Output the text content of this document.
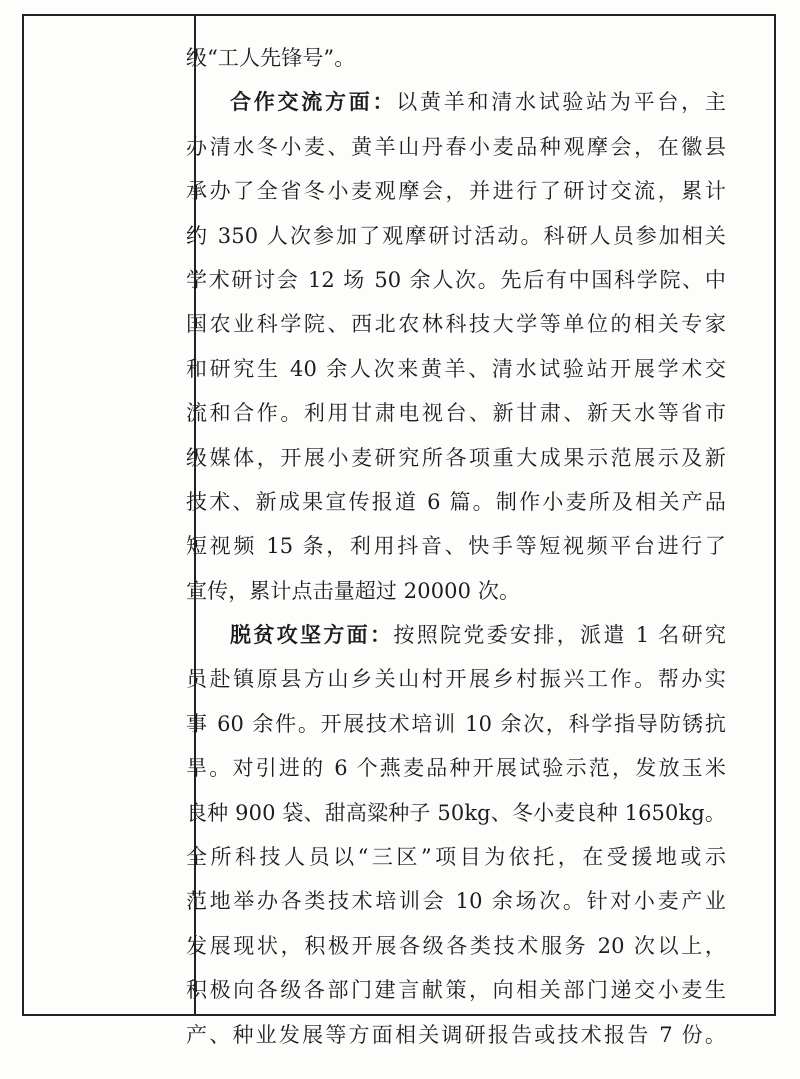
级“工人先锋号”。
合作交流方面：以黄羊和清水试验站为平台，主
办清水冬小麦、黄羊山丹春小麦品种观摩会，在徽县
承办了全省冬小麦观摩会，并进行了研讨交流，累计
约 350 人次参加了观摩研讨活动。科研人员参加相关
学术研讨会 12 场 50 余人次。先后有中国科学院、中
国农业科学院、西北农林科技大学等单位的相关专家
和研究生 40 余人次来黄羊、清水试验站开展学术交
流和合作。利用甘肃电视台、新甘肃、新天水等省市
级媒体，开展小麦研究所各项重大成果示范展示及新
技术、新成果宣传报道 6 篇。制作小麦所及相关产品
短视频 15 条，利用抖音、快手等短视频平台进行了
宣传，累计点击量超过 20000 次。
脱贫攻坚方面：按照院党委安排，派遣 1 名研究
员赴镇原县方山乡关山村开展乡村振兴工作。帮办实
事 60 余件。开展技术培训 10 余次，科学指导防锈抗
旱。对引进的 6 个燕麦品种开展试验示范，发放玉米
良种 900 袋、甜高粱种子 50kg、冬小麦良种 1650kg。
全所科技人员以“三区”项目为依托，在受援地或示
范地举办各类技术培训会 10 余场次。针对小麦产业
发展现状，积极开展各级各类技术服务 20 次以上，
积极向各级各部门建言献策，向相关部门递交小麦生
产、种业发展等方面相关调研报告或技术报告 7 份。
